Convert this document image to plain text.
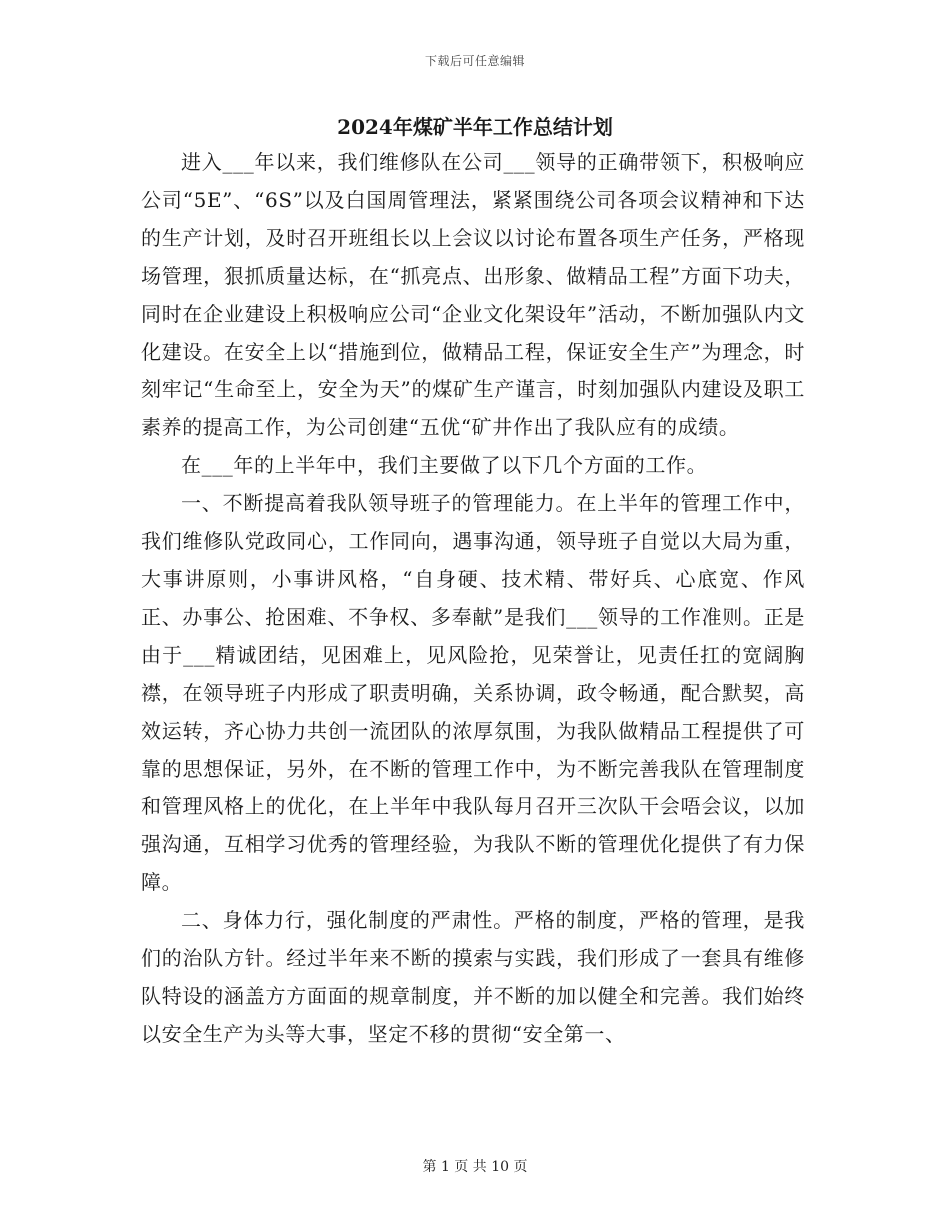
下载后可任意编辑
2024年煤矿半年工作总结计划

进入___年以来，我们维修队在公司___领导的正确带领下，积极响应公司“5E”、“6S”以及白国周管理法，紧紧围绕公司各项会议精神和下达的生产计划，及时召开班组长以上会议以讨论布置各项生产任务，严格现场管理，狠抓质量达标，在“抓亮点、出形象、做精品工程”方面下功夫，同时在企业建设上积极响应公司“企业文化架设年”活动，不断加强队内文化建设。在安全上以“措施到位，做精品工程，保证安全生产”为理念，时刻牢记“生命至上，安全为天”的煤矿生产谨言，时刻加强队内建设及职工素养的提高工作，为公司创建“五优“矿井作出了我队应有的成绩。

在___年的上半年中，我们主要做了以下几个方面的工作。

一、不断提高着我队领导班子的管理能力。在上半年的管理工作中，我们维修队党政同心，工作同向，遇事沟通，领导班子自觉以大局为重，大事讲原则，小事讲风格，“自身硬、技术精、带好兵、心底宽、作风正、办事公、抢困难、不争权、多奉献”是我们___领导的工作准则。正是由于___精诚团结，见困难上，见风险抢，见荣誉让，见责任扛的宽阔胸襟，在领导班子内形成了职责明确，关系协调，政令畅通，配合默契，高效运转，齐心协力共创一流团队的浓厚氛围，为我队做精品工程提供了可靠的思想保证，另外，在不断的管理工作中，为不断完善我队在管理制度和管理风格上的优化，在上半年中我队每月召开三次队干会唔会议，以加强沟通，互相学习优秀的管理经验，为我队不断的管理优化提供了有力保障。

二、身体力行，强化制度的严肃性。严格的制度，严格的管理，是我们的治队方针。经过半年来不断的摸索与实践，我们形成了一套具有维修队特设的涵盖方方面面的规章制度，并不断的加以健全和完善。我们始终以安全生产为头等大事，坚定不移的贯彻“安全第一、

第 1 页 共 10 页
